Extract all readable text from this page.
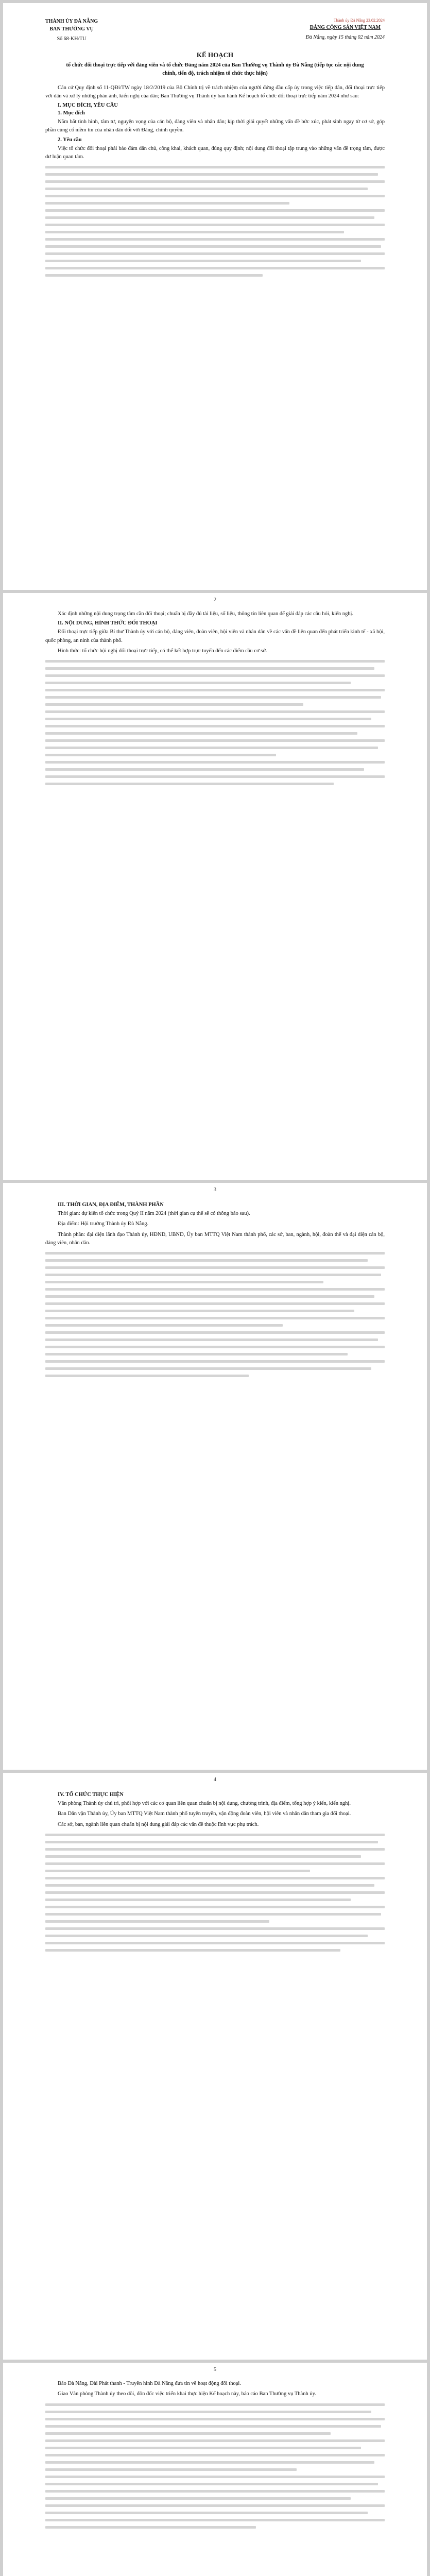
THÀNH ỦY ĐÀ NẴNG
BAN THƯỜNG VỤ
Số 68-KH/TU
Thành ủy Đà Nẵng 23.02.2024
ĐẢNG CỘNG SẢN VIỆT NAM
Đà Nẵng, ngày 15 tháng 02 năm 2024
KẾ HOẠCH
tổ chức đối thoại trực tiếp với đảng viên và tổ chức Đảng năm 2024 của Ban Thường vụ Thành ủy Đà Nẵng (tiếp tục các nội dung chính, tiến độ, trách nhiệm tổ chức thực hiện)

Căn cứ Quy định số 11-QĐi/TW ngày 18/2/2019 của Bộ Chính trị về trách nhiệm của người đứng đầu cấp ủy trong việc tiếp dân, đối thoại trực tiếp với dân và xử lý những phản ánh, kiến nghị của dân; Ban Thường vụ Thành ủy ban hành Kế hoạch tổ chức đối thoại trực tiếp năm 2024 như sau:

I. MỤC ĐÍCH, YÊU CẦU
1. Mục đích

Nắm bắt tình hình, tâm tư, nguyện vọng của cán bộ, đảng viên và nhân dân; kịp thời giải quyết những vấn đề bức xúc, phát sinh ngay từ cơ sở, góp phần củng cố niềm tin của nhân dân đối với Đảng, chính quyền.

2. Yêu cầu

Việc tổ chức đối thoại phải bảo đảm dân chủ, công khai, khách quan, đúng quy định; nội dung đối thoại tập trung vào những vấn đề trọng tâm, được dư luận quan tâm.

2

Xác định những nội dung trọng tâm cần đối thoại; chuẩn bị đầy đủ tài liệu, số liệu, thông tin liên quan để giải đáp các câu hỏi, kiến nghị.

II. NỘI DUNG, HÌNH THỨC ĐỐI THOẠI

Đối thoại trực tiếp giữa Bí thư Thành ủy với cán bộ, đảng viên, đoàn viên, hội viên và nhân dân về các vấn đề liên quan đến phát triển kinh tế - xã hội, quốc phòng, an ninh của thành phố.

Hình thức: tổ chức hội nghị đối thoại trực tiếp, có thể kết hợp trực tuyến đến các điểm cầu cơ sở.

3
III. THỜI GIAN, ĐỊA ĐIỂM, THÀNH PHẦN

Thời gian: dự kiến tổ chức trong Quý II năm 2024 (thời gian cụ thể sẽ có thông báo sau).

Địa điểm: Hội trường Thành ủy Đà Nẵng.

Thành phần: đại diện lãnh đạo Thành ủy, HĐND, UBND, Ủy ban MTTQ Việt Nam thành phố, các sở, ban, ngành, hội, đoàn thể và đại diện cán bộ, đảng viên, nhân dân.

4
IV. TỔ CHỨC THỰC HIỆN

Văn phòng Thành ủy chủ trì, phối hợp với các cơ quan liên quan chuẩn bị nội dung, chương trình, địa điểm, tổng hợp ý kiến, kiến nghị.

Ban Dân vận Thành ủy, Ủy ban MTTQ Việt Nam thành phố tuyên truyền, vận động đoàn viên, hội viên và nhân dân tham gia đối thoại.

Các sở, ban, ngành liên quan chuẩn bị nội dung giải đáp các vấn đề thuộc lĩnh vực phụ trách.

5

Báo Đà Nẵng, Đài Phát thanh - Truyền hình Đà Nẵng đưa tin về hoạt động đối thoại.

Giao Văn phòng Thành ủy theo dõi, đôn đốc việc triển khai thực hiện Kế hoạch này, báo cáo Ban Thường vụ Thành ủy.
